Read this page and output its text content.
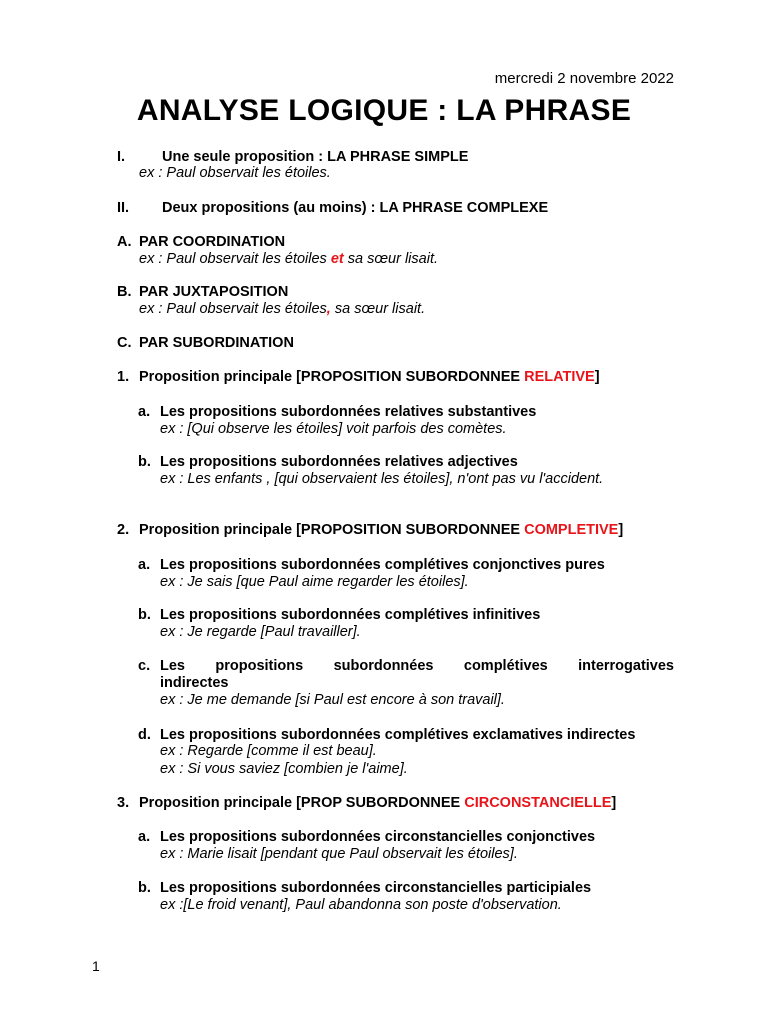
mercredi 2 novembre 2022
ANALYSE LOGIQUE : LA PHRASE
I.	Une seule proposition : LA PHRASE SIMPLE
ex : Paul observait les étoiles.
II. Deux propositions (au moins) : LA PHRASE COMPLEXE
A. PAR COORDINATION
ex : Paul observait les étoiles et sa sœur lisait.
B. PAR JUXTAPOSITION
ex : Paul observait les étoiles, sa sœur lisait.
C. PAR SUBORDINATION
1. Proposition principale [PROPOSITION SUBORDONNEE RELATIVE]
a. Les propositions subordonnées relatives substantives
ex : [Qui observe les étoiles] voit parfois des comètes.
b. Les propositions subordonnées relatives adjectives
ex : Les enfants , [qui observaient les étoiles], n'ont pas vu l'accident.
2. Proposition principale [PROPOSITION SUBORDONNEE COMPLETIVE]
a. Les propositions subordonnées complétives conjonctives pures
ex : Je sais [que Paul aime regarder les étoiles].
b. Les propositions subordonnées complétives infinitives
ex : Je regarde [Paul travailler].
c. Les propositions subordonnées complétives interrogatives
indirectes
ex : Je me demande [si Paul est encore à son travail].
d. Les propositions subordonnées complétives exclamatives indirectes
ex : Regarde [comme il est beau].
ex : Si vous saviez [combien je l'aime].
3. Proposition principale [PROP SUBORDONNEE CIRCONSTANCIELLE]
a. Les propositions subordonnées circonstancielles conjonctives
ex : Marie lisait [pendant que Paul observait les étoiles].
b. Les propositions subordonnées circonstancielles participiales
ex :[Le froid venant], Paul abandonna son poste d'observation.
1
